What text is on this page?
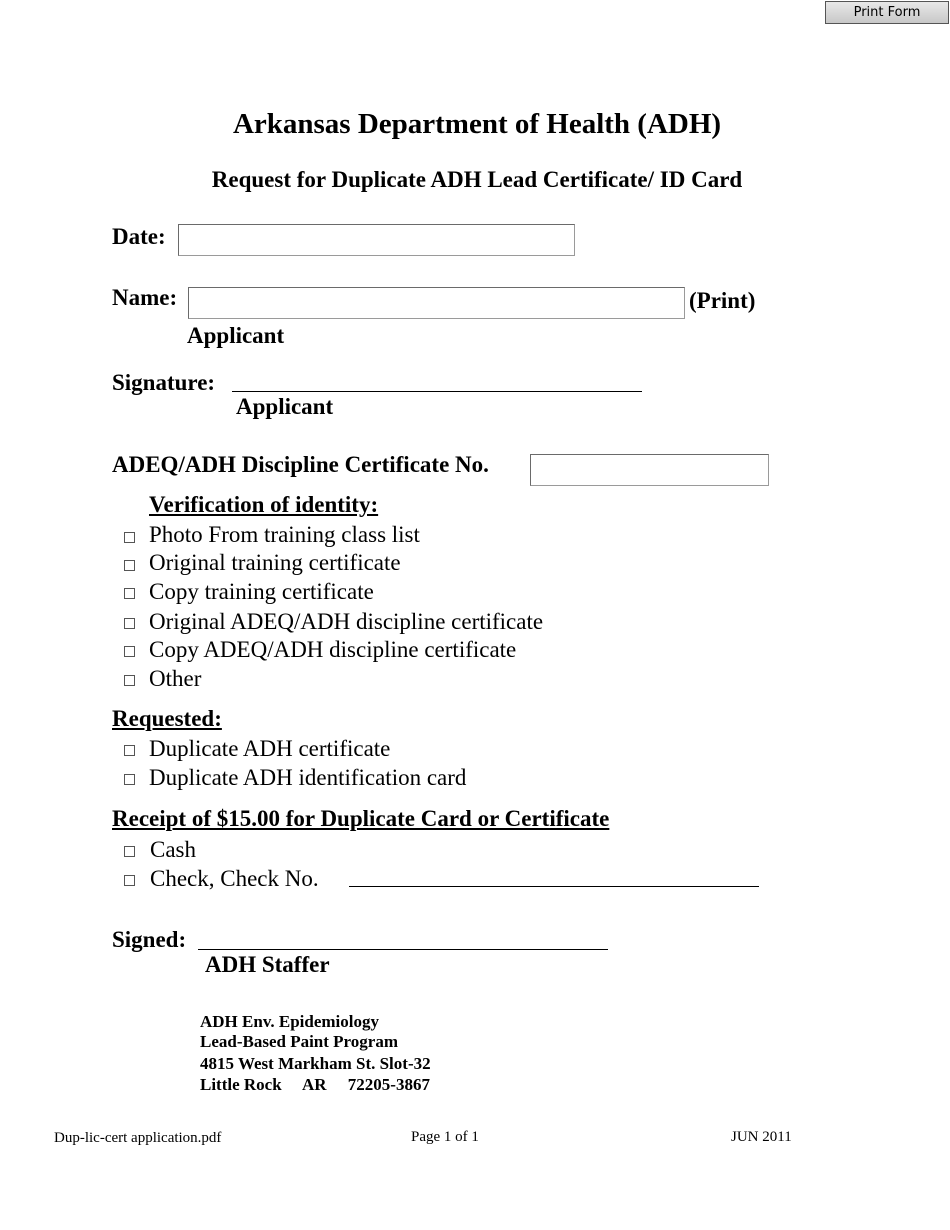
Print Form
Arkansas Department of Health (ADH)
Request for Duplicate ADH Lead Certificate/ ID Card
Date:
Name:	(Print)
Applicant
Signature:
Applicant
ADEQ/ADH Discipline Certificate No.
Verification of identity:
Photo From training class list
Original training certificate
Copy training certificate
Original ADEQ/ADH discipline certificate
Copy ADEQ/ADH discipline certificate
Other
Requested:
Duplicate ADH certificate
Duplicate ADH identification card
Receipt of $15.00 for Duplicate Card or Certificate
Cash
Check, Check No.
Signed:
ADH Staffer
ADH Env. Epidemiology
Lead-Based Paint Program
4815 West Markham St. Slot-32
Little Rock     AR     72205-3867
Dup-lic-cert application.pdf	Page 1 of 1	JUN 2011
